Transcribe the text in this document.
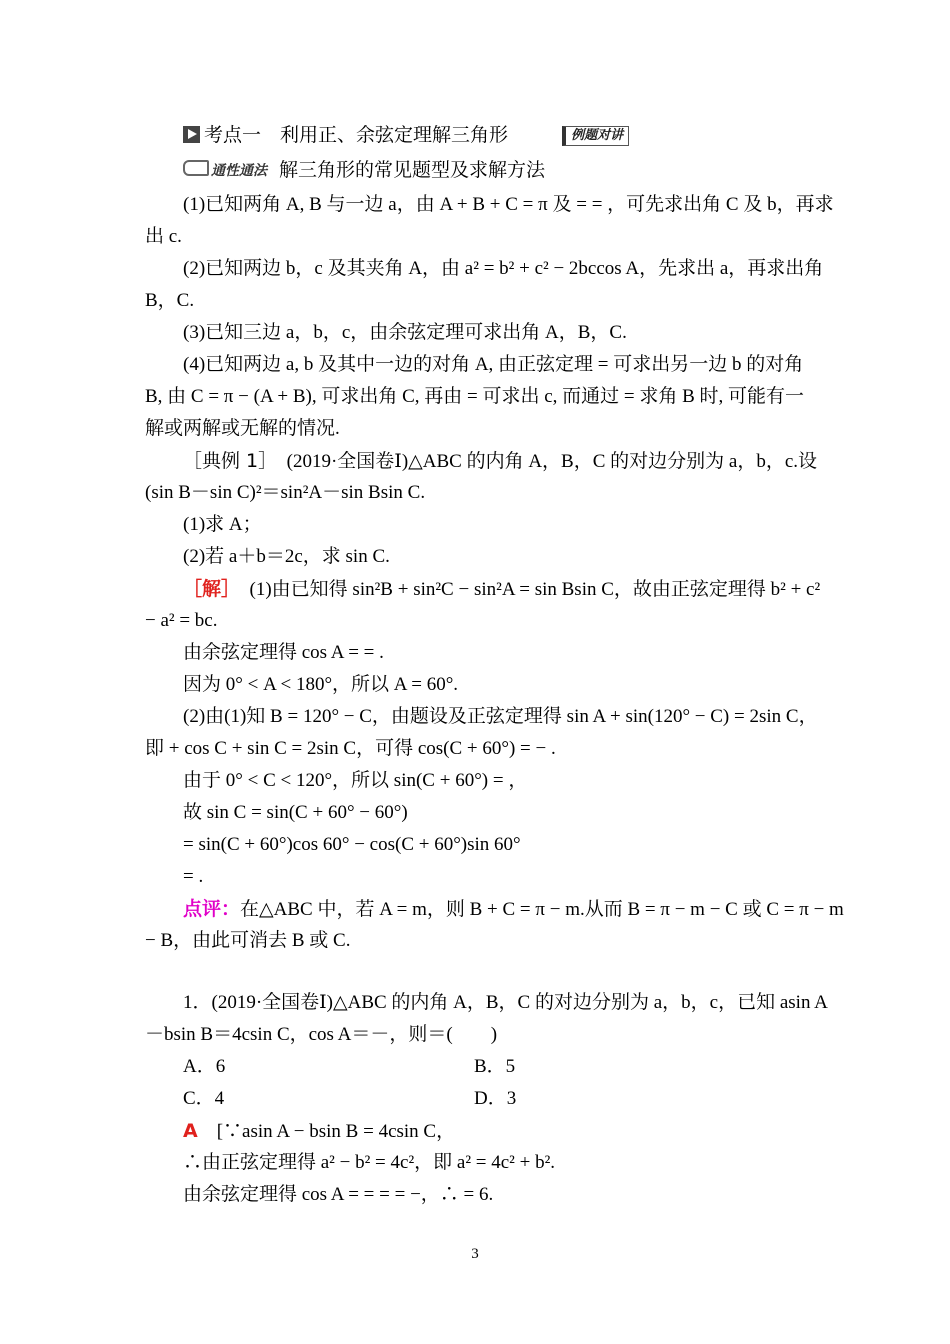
考点一　利用正、余弦定理解三角形	例题对讲
通性通法 解三角形的常见题型及求解方法
(1)已知两角 A, B 与一边 a，由 A + B + C = π 及 = = ，可先求出角 C 及 b，再求
出 c.
(2)已知两边 b，c 及其夹角 A，由 a² = b² + c² − 2bccos A，先求出 a，再求出角
B，C.
(3)已知三边 a，b，c，由余弦定理可求出角 A，B，C.
(4)已知两边 a, b 及其中一边的对角 A, 由正弦定理 = 可求出另一边 b 的对角
B, 由 C = π − (A + B), 可求出角 C, 再由 = 可求出 c, 而通过 = 求角 B 时, 可能有一
解或两解或无解的情况.
［典例 1］　 (2019·全国卷Ⅰ)△ABC 的内角 A，B，C 的对边分别为 a，b，c.设
(sin B－sin C)²＝sin²A－sin Bsin C.
(1)求 A；
(2)若 a＋b＝2c，求 sin C.
［解］　 (1)由已知得 sin²B + sin²C − sin²A = sin Bsin C，故由正弦定理得 b² + c²
− a² = bc.
由余弦定理得 cos A = = .
因为 0° < A < 180°，所以 A = 60°.
(2)由(1)知 B = 120° − C，由题设及正弦定理得 sin A + sin(120° − C) = 2sin C，
即 + cos C + sin C = 2sin C，可得 cos(C + 60°) = − .
由于 0° < C < 120°，所以 sin(C + 60°) = ，
故 sin C = sin(C + 60° − 60°)
= sin(C + 60°)cos 60° − cos(C + 60°)sin 60°
= .
点评：在△ABC 中，若 A = m，则 B + C = π − m.从而 B = π − m − C 或 C = π − m
− B，由此可消去 B 或 C.
1．(2019·全国卷Ⅰ)△ABC 的内角 A，B，C 的对边分别为 a，b，c，已知 asin A
－bsin B＝4csin C，cos A＝－，则＝(　　)
A．6	B．5
C．4	D．3
A　 [∵asin A − bsin B = 4csin C，
∴由正弦定理得 a² − b² = 4c²，即 a² = 4c² + b².
由余弦定理得 cos A = = = = −，∴ = 6.
3
